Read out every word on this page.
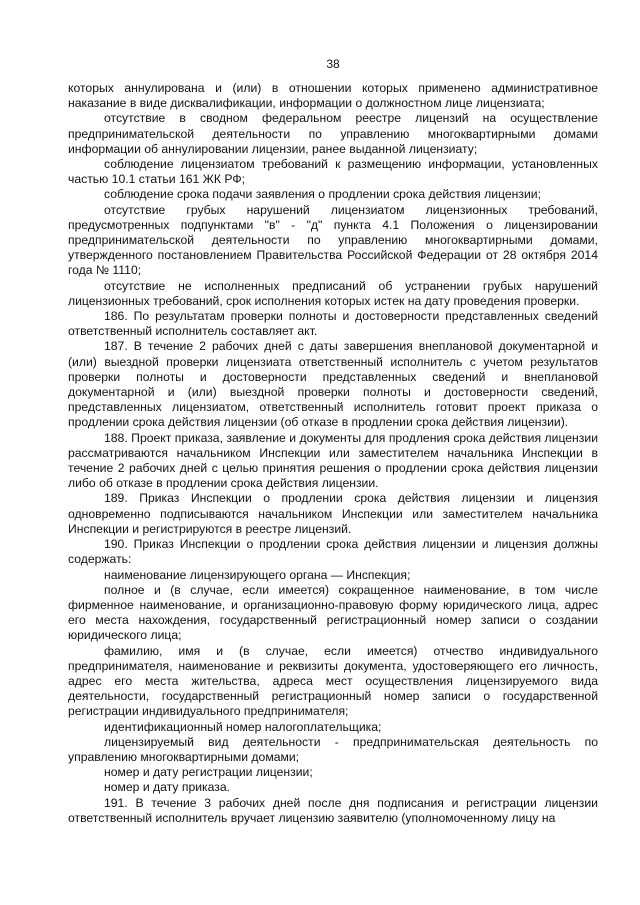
38

которых аннулирована и (или) в отношении которых применено административное наказание в виде дисквалификации, информации о должностном лице лицензиата;

отсутствие в сводном федеральном реестре лицензий на осуществление предпринимательской деятельности по управлению многоквартирными домами информации об аннулировании лицензии, ранее выданной лицензиату;

соблюдение лицензиатом требований к размещению информации, установленных частью 10.1 статьи 161 ЖК РФ;

соблюдение срока подачи заявления о продлении срока действия лицензии;

отсутствие грубых нарушений лицензиатом лицензионных требований, предусмотренных подпунктами "в" - "д" пункта 4.1 Положения о лицензировании предпринимательской деятельности по управлению многоквартирными домами, утвержденного постановлением Правительства Российской Федерации от 28 октября 2014 года № 1110;

отсутствие не исполненных предписаний об устранении грубых нарушений лицензионных требований, срок исполнения которых истек на дату проведения проверки.

186. По результатам проверки полноты и достоверности представленных сведений ответственный исполнитель составляет акт.

187. В течение 2 рабочих дней с даты завершения внеплановой документарной и (или) выездной проверки лицензиата ответственный исполнитель с учетом результатов проверки полноты и достоверности представленных сведений и внеплановой документарной и (или) выездной проверки полноты и достоверности сведений, представленных лицензиатом, ответственный исполнитель готовит проект приказа о продлении срока действия лицензии (об отказе в продлении срока действия лицензии).

188. Проект приказа, заявление и документы для продления срока действия лицензии рассматриваются начальником Инспекции или заместителем начальника Инспекции в течение 2 рабочих дней с целью принятия решения о продлении срока действия лицензии либо об отказе в продлении срока действия лицензии.

189. Приказ Инспекции о продлении срока действия лицензии и лицензия одновременно подписываются начальником Инспекции или заместителем начальника Инспекции и регистрируются в реестре лицензий.

190. Приказ Инспекции о продлении срока действия лицензии и лицензия должны содержать:

наименование лицензирующего органа — Инспекция;

полное и (в случае, если имеется) сокращенное наименование, в том числе фирменное наименование, и организационно-правовую форму юридического лица, адрес его места нахождения, государственный регистрационный номер записи о создании юридического лица;

фамилию, имя и (в случае, если имеется) отчество индивидуального предпринимателя, наименование и реквизиты документа, удостоверяющего его личность, адрес его места жительства, адреса мест осуществления лицензируемого вида деятельности, государственный регистрационный номер записи о государственной регистрации индивидуального предпринимателя;

идентификационный номер налогоплательщика;

лицензируемый вид деятельности - предпринимательская деятельность по управлению многоквартирными домами;

номер и дату регистрации лицензии;

номер и дату приказа.

191. В течение 3 рабочих дней после дня подписания и регистрации лицензии ответственный исполнитель вручает лицензию заявителю (уполномоченному лицу на
